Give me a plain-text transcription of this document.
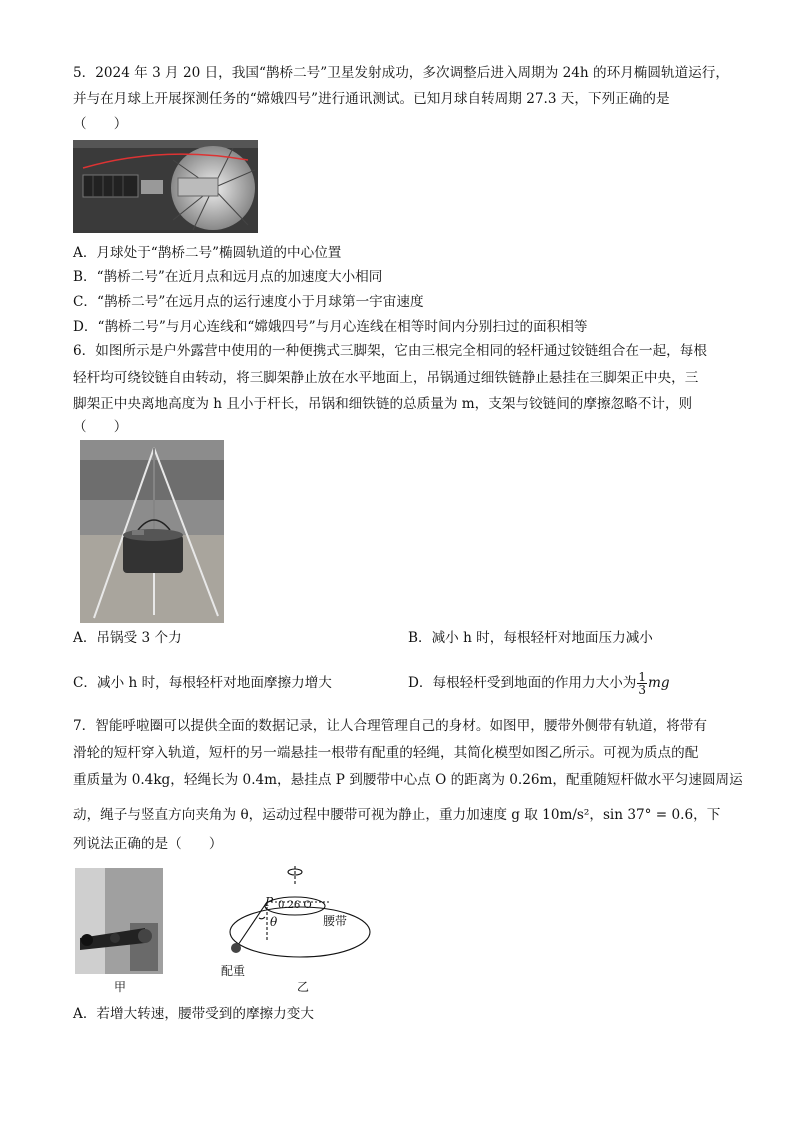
5．2024 年 3 月 20 日，我国“鹊桥二号”卫星发射成功，多次调整后进入周期为 24h 的环月椭圆轨道运行，
并与在月球上开展探测任务的“嫦娥四号”进行通讯测试。已知月球自转周期 27.3 天，下列正确的是
（　　）
A．月球处于“鹊桥二号”椭圆轨道的中心位置
B．“鹊桥二号”在近月点和远月点的加速度大小相同
C．“鹊桥二号”在远月点的运行速度小于月球第一宇宙速度
D．“鹊桥二号”与月心连线和“嫦娥四号”与月心连线在相等时间内分别扫过的面积相等
6．如图所示是户外露营中使用的一种便携式三脚架，它由三根完全相同的轻杆通过铰链组合在一起，每根
轻杆均可绕铰链自由转动，将三脚架静止放在水平地面上，吊锅通过细铁链静止悬挂在三脚架正中央，三
脚架正中央离地高度为 h 且小于杆长，吊锅和细铁链的总质量为 m，支架与铰链间的摩擦忽略不计，则
（　　）
A．吊锅受 3 个力	B．减小 h 时，每根轻杆对地面压力减小
C．减小 h 时，每根轻杆对地面摩擦力增大	D．每根轻杆受到地面的作用力大小为 $\frac{1}{3}$ mg
7．智能呼啦圈可以提供全面的数据记录，让人合理管理自己的身材。如图甲，腰带外侧带有轨道，将带有
滑轮的短杆穿入轨道，短杆的另一端悬挂一根带有配重的轻绳，其简化模型如图乙所示。可视为质点的配
重质量为 0.4kg，轻绳长为 0.4m，悬挂点 P 到腰带中心点 O 的距离为 0.26m，配重随短杆做水平匀速圆周运
动，绳子与竖直方向夹角为 θ，运动过程中腰带可视为静止，重力加速度 g 取 10m/s²，sin 37° = 0.6，下
列说法正确的是（　　）
甲
P
θ
0.26 O
腰带
配重
乙
A．若增大转速，腰带受到的摩擦力变大
